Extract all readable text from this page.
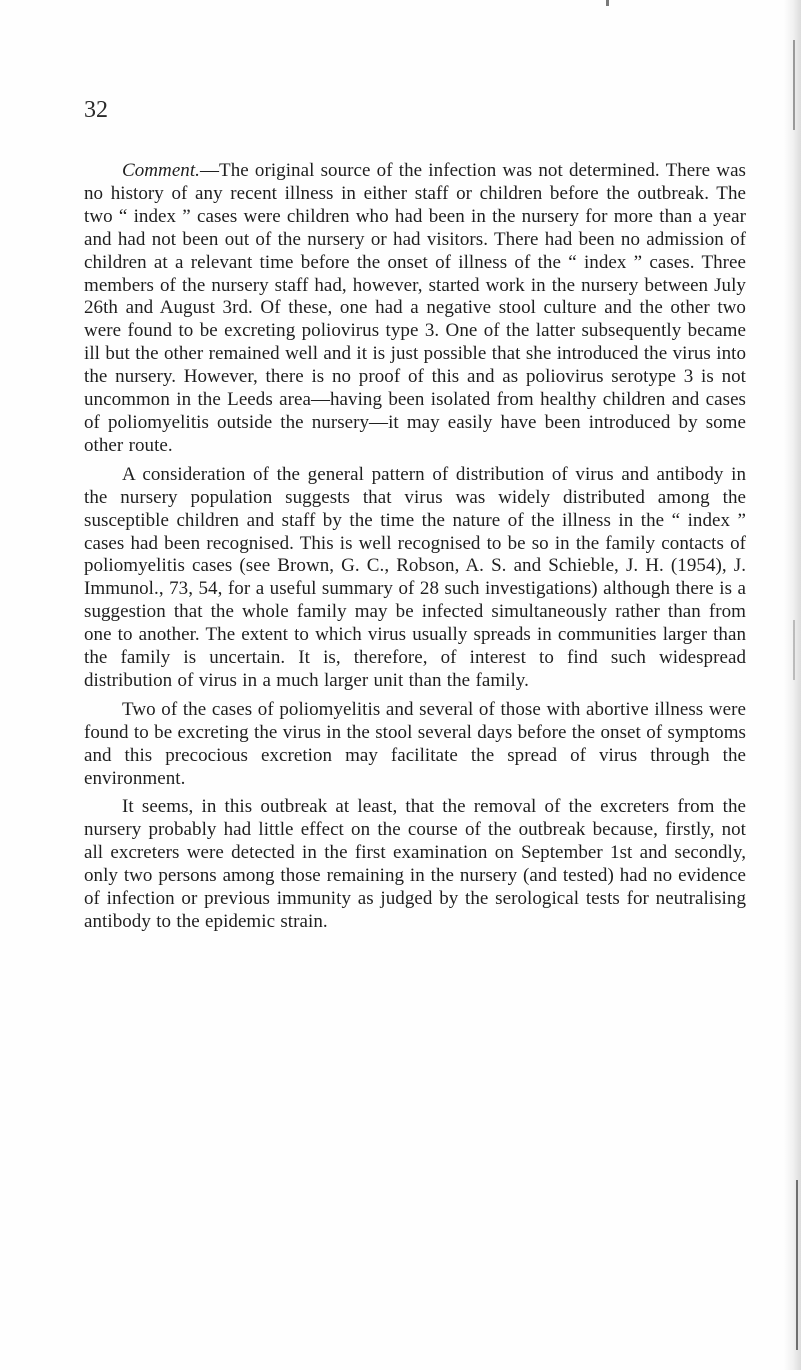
32

Comment.—The original source of the infection was not determined. There was no history of any recent illness in either staff or children before the outbreak. The two “ index ” cases were children who had been in the nursery for more than a year and had not been out of the nursery or had visitors. There had been no admission of children at a relevant time before the onset of illness of the “ index ” cases. Three members of the nursery staff had, however, started work in the nursery between July 26th and August 3rd. Of these, one had a negative stool culture and the other two were found to be excreting poliovirus type 3. One of the latter subsequently became ill but the other remained well and it is just possible that she introduced the virus into the nursery. However, there is no proof of this and as poliovirus serotype 3 is not uncommon in the Leeds area—having been isolated from healthy children and cases of poliomyelitis outside the nursery—it may easily have been introduced by some other route.

A consideration of the general pattern of distribution of virus and antibody in the nursery population suggests that virus was widely distributed among the susceptible children and staff by the time the nature of the illness in the “ index ” cases had been recognised. This is well recognised to be so in the family contacts of poliomyelitis cases (see Brown, G. C., Robson, A. S. and Schieble, J. H. (1954), J. Immunol., 73, 54, for a useful summary of 28 such investigations) although there is a suggestion that the whole family may be infected simultaneously rather than from one to another. The extent to which virus usually spreads in communities larger than the family is uncertain. It is, therefore, of interest to find such widespread distribution of virus in a much larger unit than the family.

Two of the cases of poliomyelitis and several of those with abortive illness were found to be excreting the virus in the stool several days before the onset of symptoms and this precocious excretion may facilitate the spread of virus through the environment.

It seems, in this outbreak at least, that the removal of the excreters from the nursery probably had little effect on the course of the outbreak because, firstly, not all excreters were detected in the first examination on September 1st and secondly, only two persons among those remaining in the nursery (and tested) had no evidence of infection or previous immunity as judged by the serological tests for neutralising antibody to the epidemic strain.
